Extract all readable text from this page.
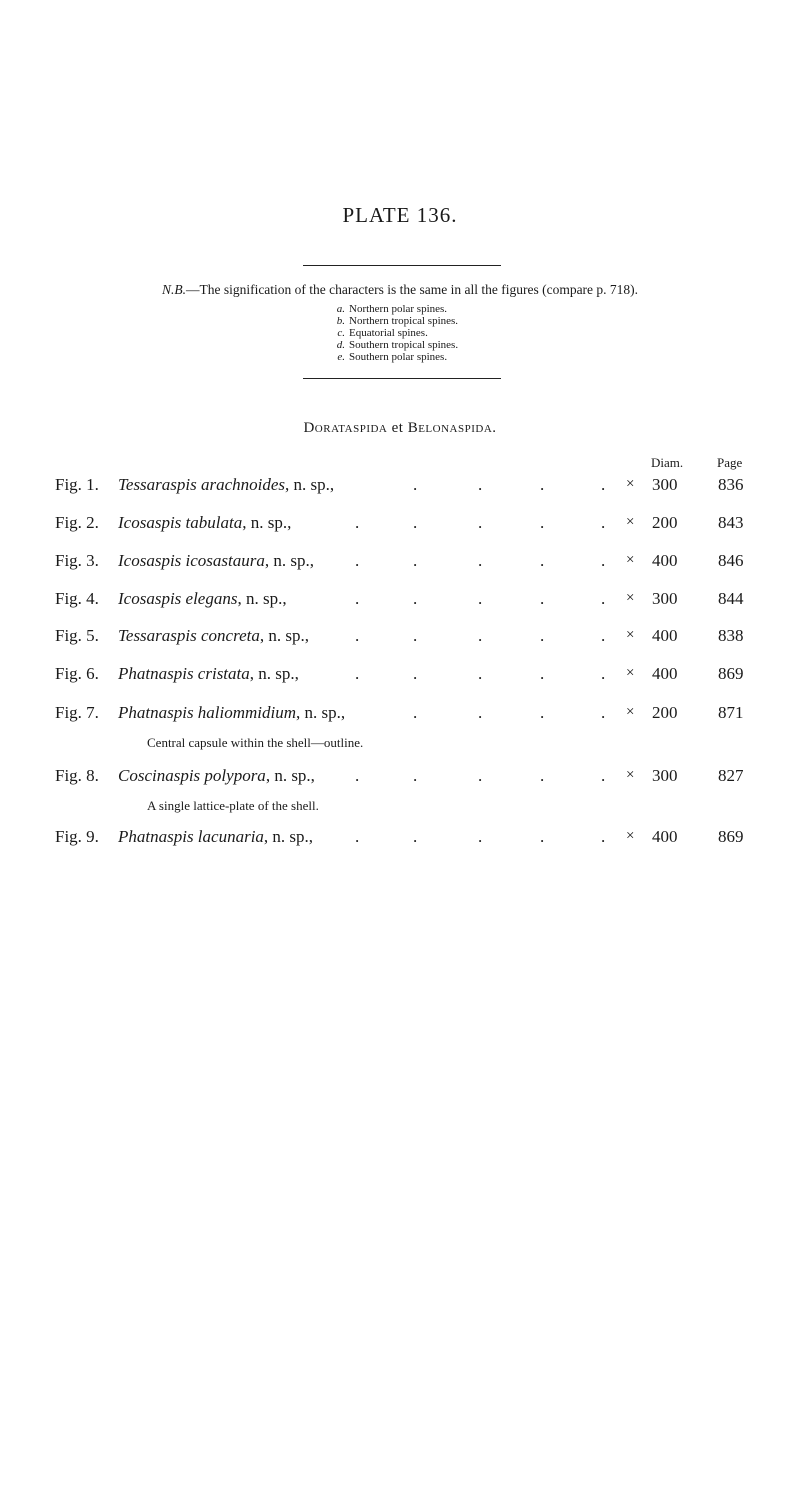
PLATE 136.
N.B.—The signification of the characters is the same in all the figures (compare p. 718).
a. Northern polar spines.
b. Northern tropical spines.
c. Equatorial spines.
d. Southern tropical spines.
e. Southern polar spines.
Dorataspida et Belonaspida.
Diam.	Page
Fig. 1. Tessaraspis arachnoides, n. sp.,	.	.	.	. × 300 836
Fig. 2. Icosaspis tabulata, n. sp.,	.	.	.	.	. × 200 843
Fig. 3. Icosaspis icosastaura, n. sp., .	.	.	.	. × 400 846
Fig. 4. Icosaspis elegans, n. sp.,	.	.	.	.	. × 300 844
Fig. 5. Tessaraspis concreta, n. sp.,	.	.	.	.	. × 400 838
Fig. 6. Phatnaspis cristata, n. sp.,	.	.	.	.	. × 400 869
Fig. 7. Phatnaspis haliommidium, n. sp.,	.	.	.	. × 200 871
Central capsule within the shell—outline.
Fig. 8. Coscinaspis polypora, n. sp., .	.	.	.	. × 300 827
A single lattice-plate of the shell.
Fig. 9. Phatnaspis lacunaria, n. sp., .	.	.	.	. × 400 869
